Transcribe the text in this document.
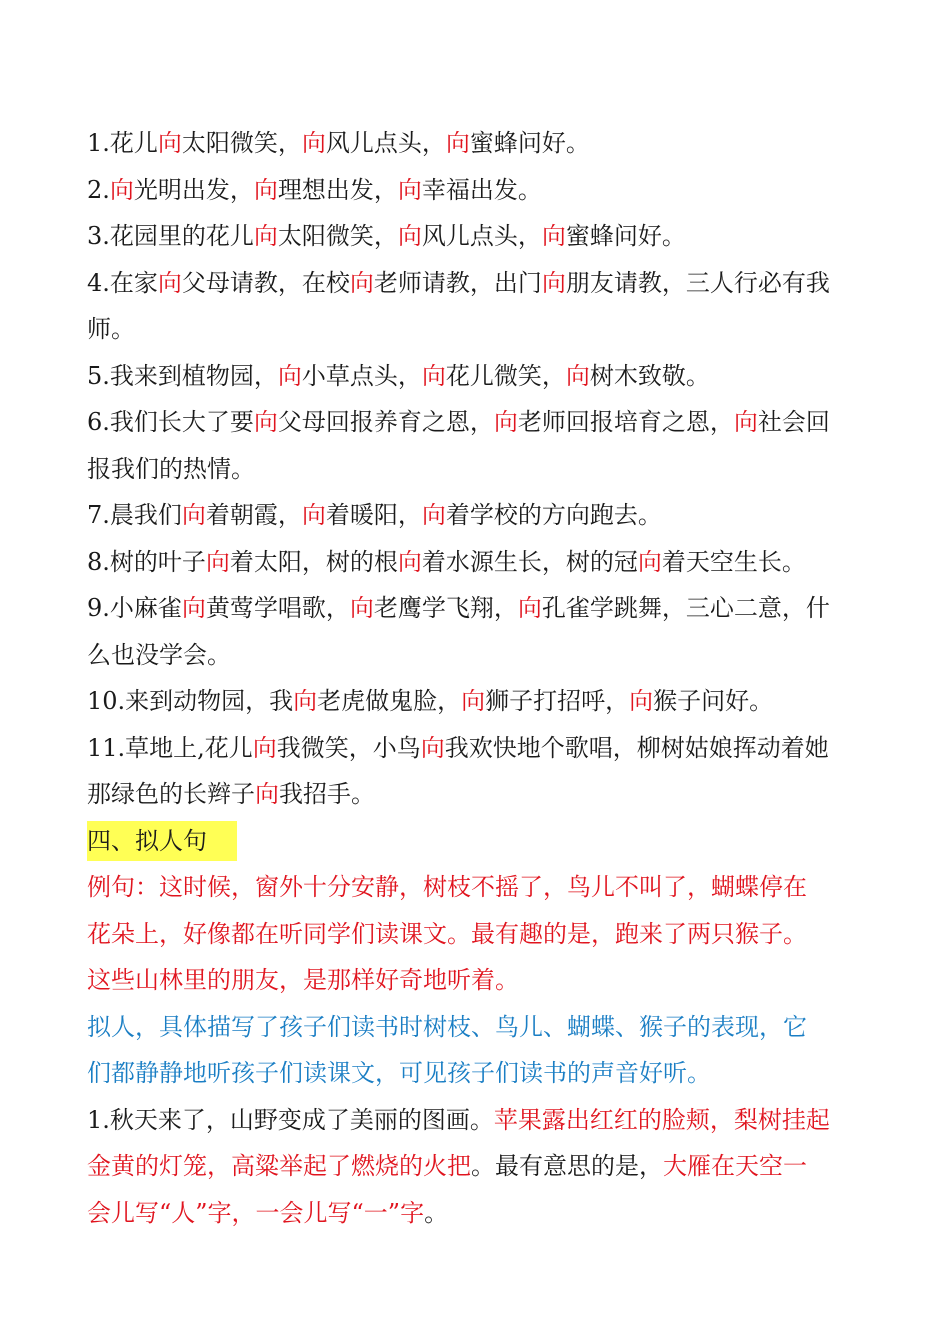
1.花儿向太阳微笑，向风儿点头，向蜜蜂问好。
2.向光明出发，向理想出发，向幸福出发。
3.花园里的花儿向太阳微笑，向风儿点头，向蜜蜂问好。
4.在家向父母请教，在校向老师请教，出门向朋友请教，三人行必有我
师。
5.我来到植物园，向小草点头，向花儿微笑，向树木致敬。
6.我们长大了要向父母回报养育之恩，向老师回报培育之恩，向社会回
报我们的热情。
7.晨我们向着朝霞，向着暖阳，向着学校的方向跑去。
8.树的叶子向着太阳，树的根向着水源生长，树的冠向着天空生长。
9.小麻雀向黄莺学唱歌，向老鹰学飞翔，向孔雀学跳舞，三心二意，什
么也没学会。
10.来到动物园，我向老虎做鬼脸，向狮子打招呼，向猴子问好。
11.草地上,花儿向我微笑，小鸟向我欢快地个歌唱，柳树姑娘挥动着她
那绿色的长辫子向我招手。
四、拟人句
例句：这时候，窗外十分安静，树枝不摇了，鸟儿不叫了，蝴蝶停在
花朵上，好像都在听同学们读课文。最有趣的是，跑来了两只猴子。
这些山林里的朋友，是那样好奇地听着。
拟人，具体描写了孩子们读书时树枝、鸟儿、蝴蝶、猴子的表现，它
们都静静地听孩子们读课文，可见孩子们读书的声音好听。
1.秋天来了，山野变成了美丽的图画。苹果露出红红的脸颊，梨树挂起
金黄的灯笼，高粱举起了燃烧的火把。最有意思的是，大雁在天空一
会儿写“人”字，一会儿写“一”字。
